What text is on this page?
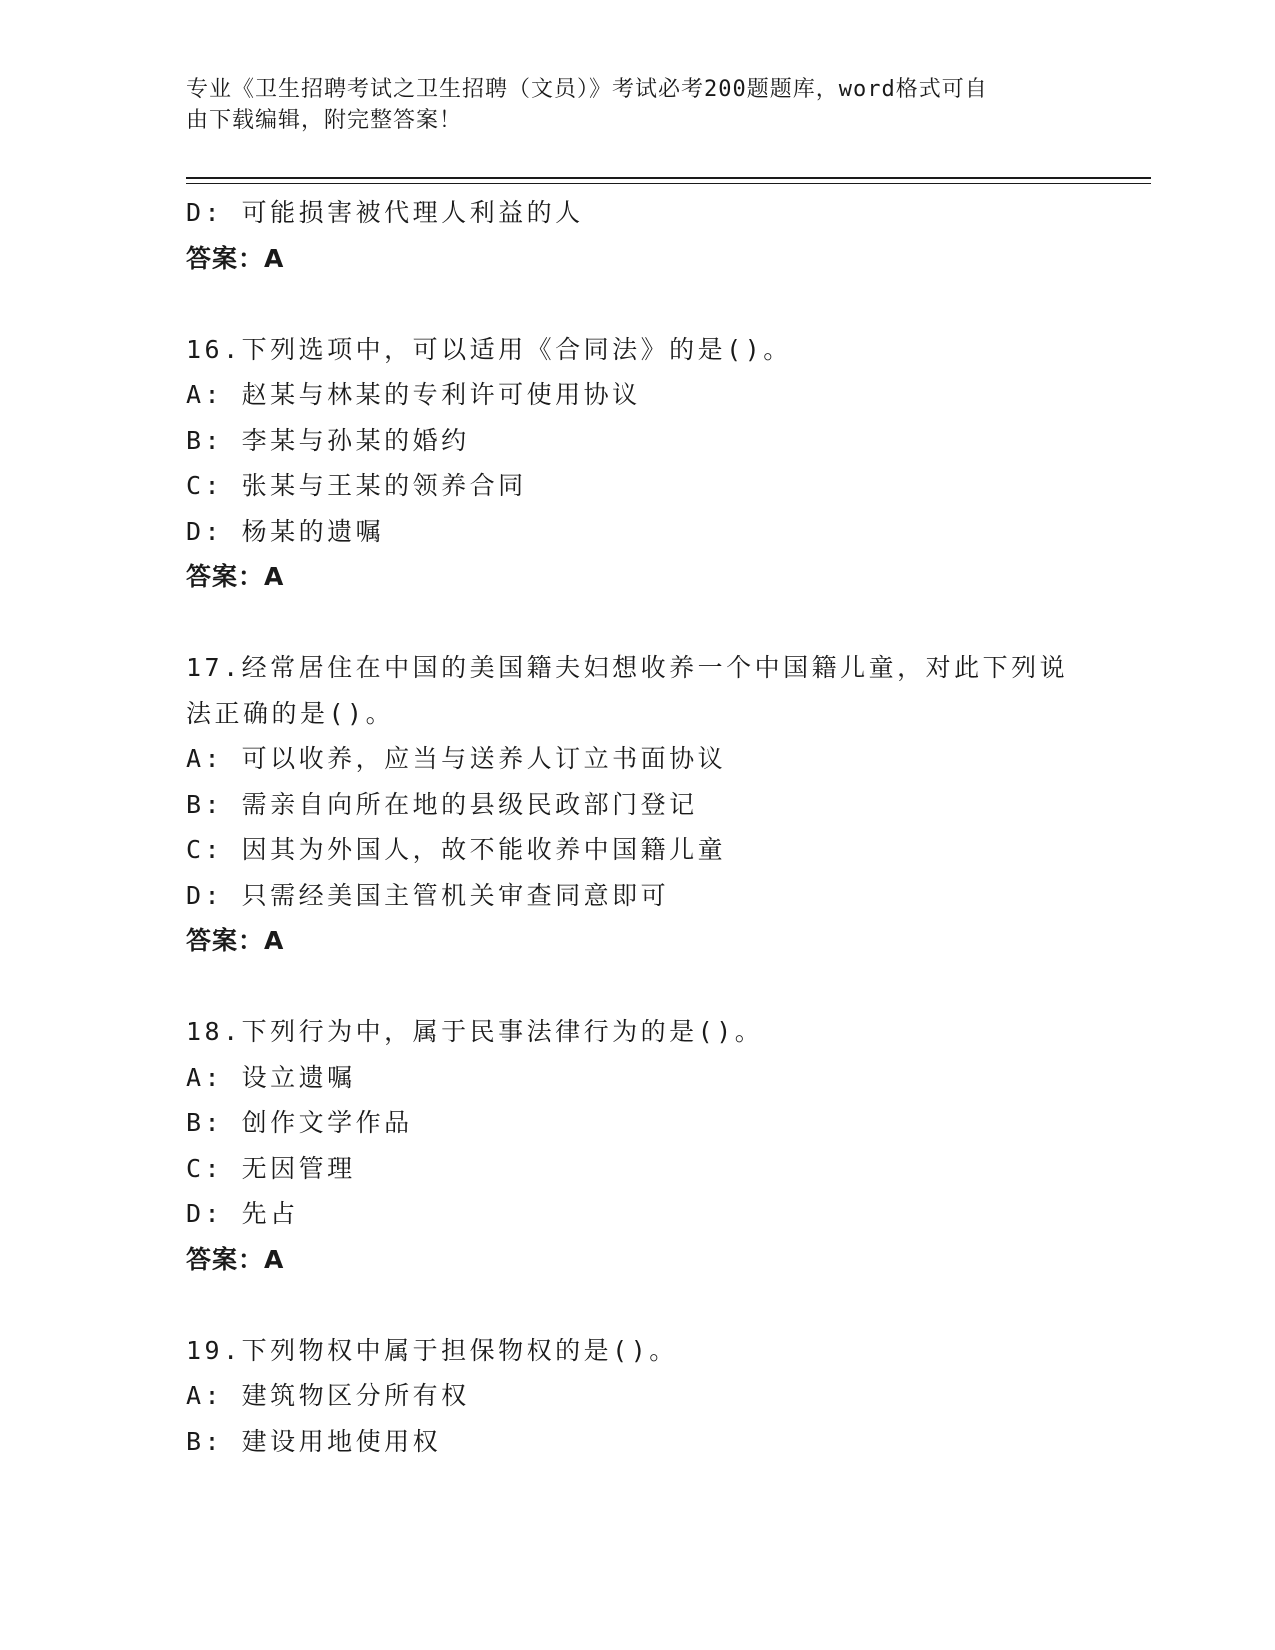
专业《卫生招聘考试之卫生招聘（文员）》考试必考200题题库，word格式可自
由下载编辑，附完整答案！
D: 可能损害被代理人利益的人
答案：A
16.下列选项中，可以适用《合同法》的是()。
A: 赵某与林某的专利许可使用协议
B: 李某与孙某的婚约
C: 张某与王某的领养合同
D: 杨某的遗嘱
答案：A
17.经常居住在中国的美国籍夫妇想收养一个中国籍儿童，对此下列说
法正确的是()。
A: 可以收养，应当与送养人订立书面协议
B: 需亲自向所在地的县级民政部门登记
C: 因其为外国人，故不能收养中国籍儿童
D: 只需经美国主管机关审查同意即可
答案：A
18.下列行为中，属于民事法律行为的是()。
A: 设立遗嘱
B: 创作文学作品
C: 无因管理
D: 先占
答案：A
19.下列物权中属于担保物权的是()。
A: 建筑物区分所有权
B: 建设用地使用权
